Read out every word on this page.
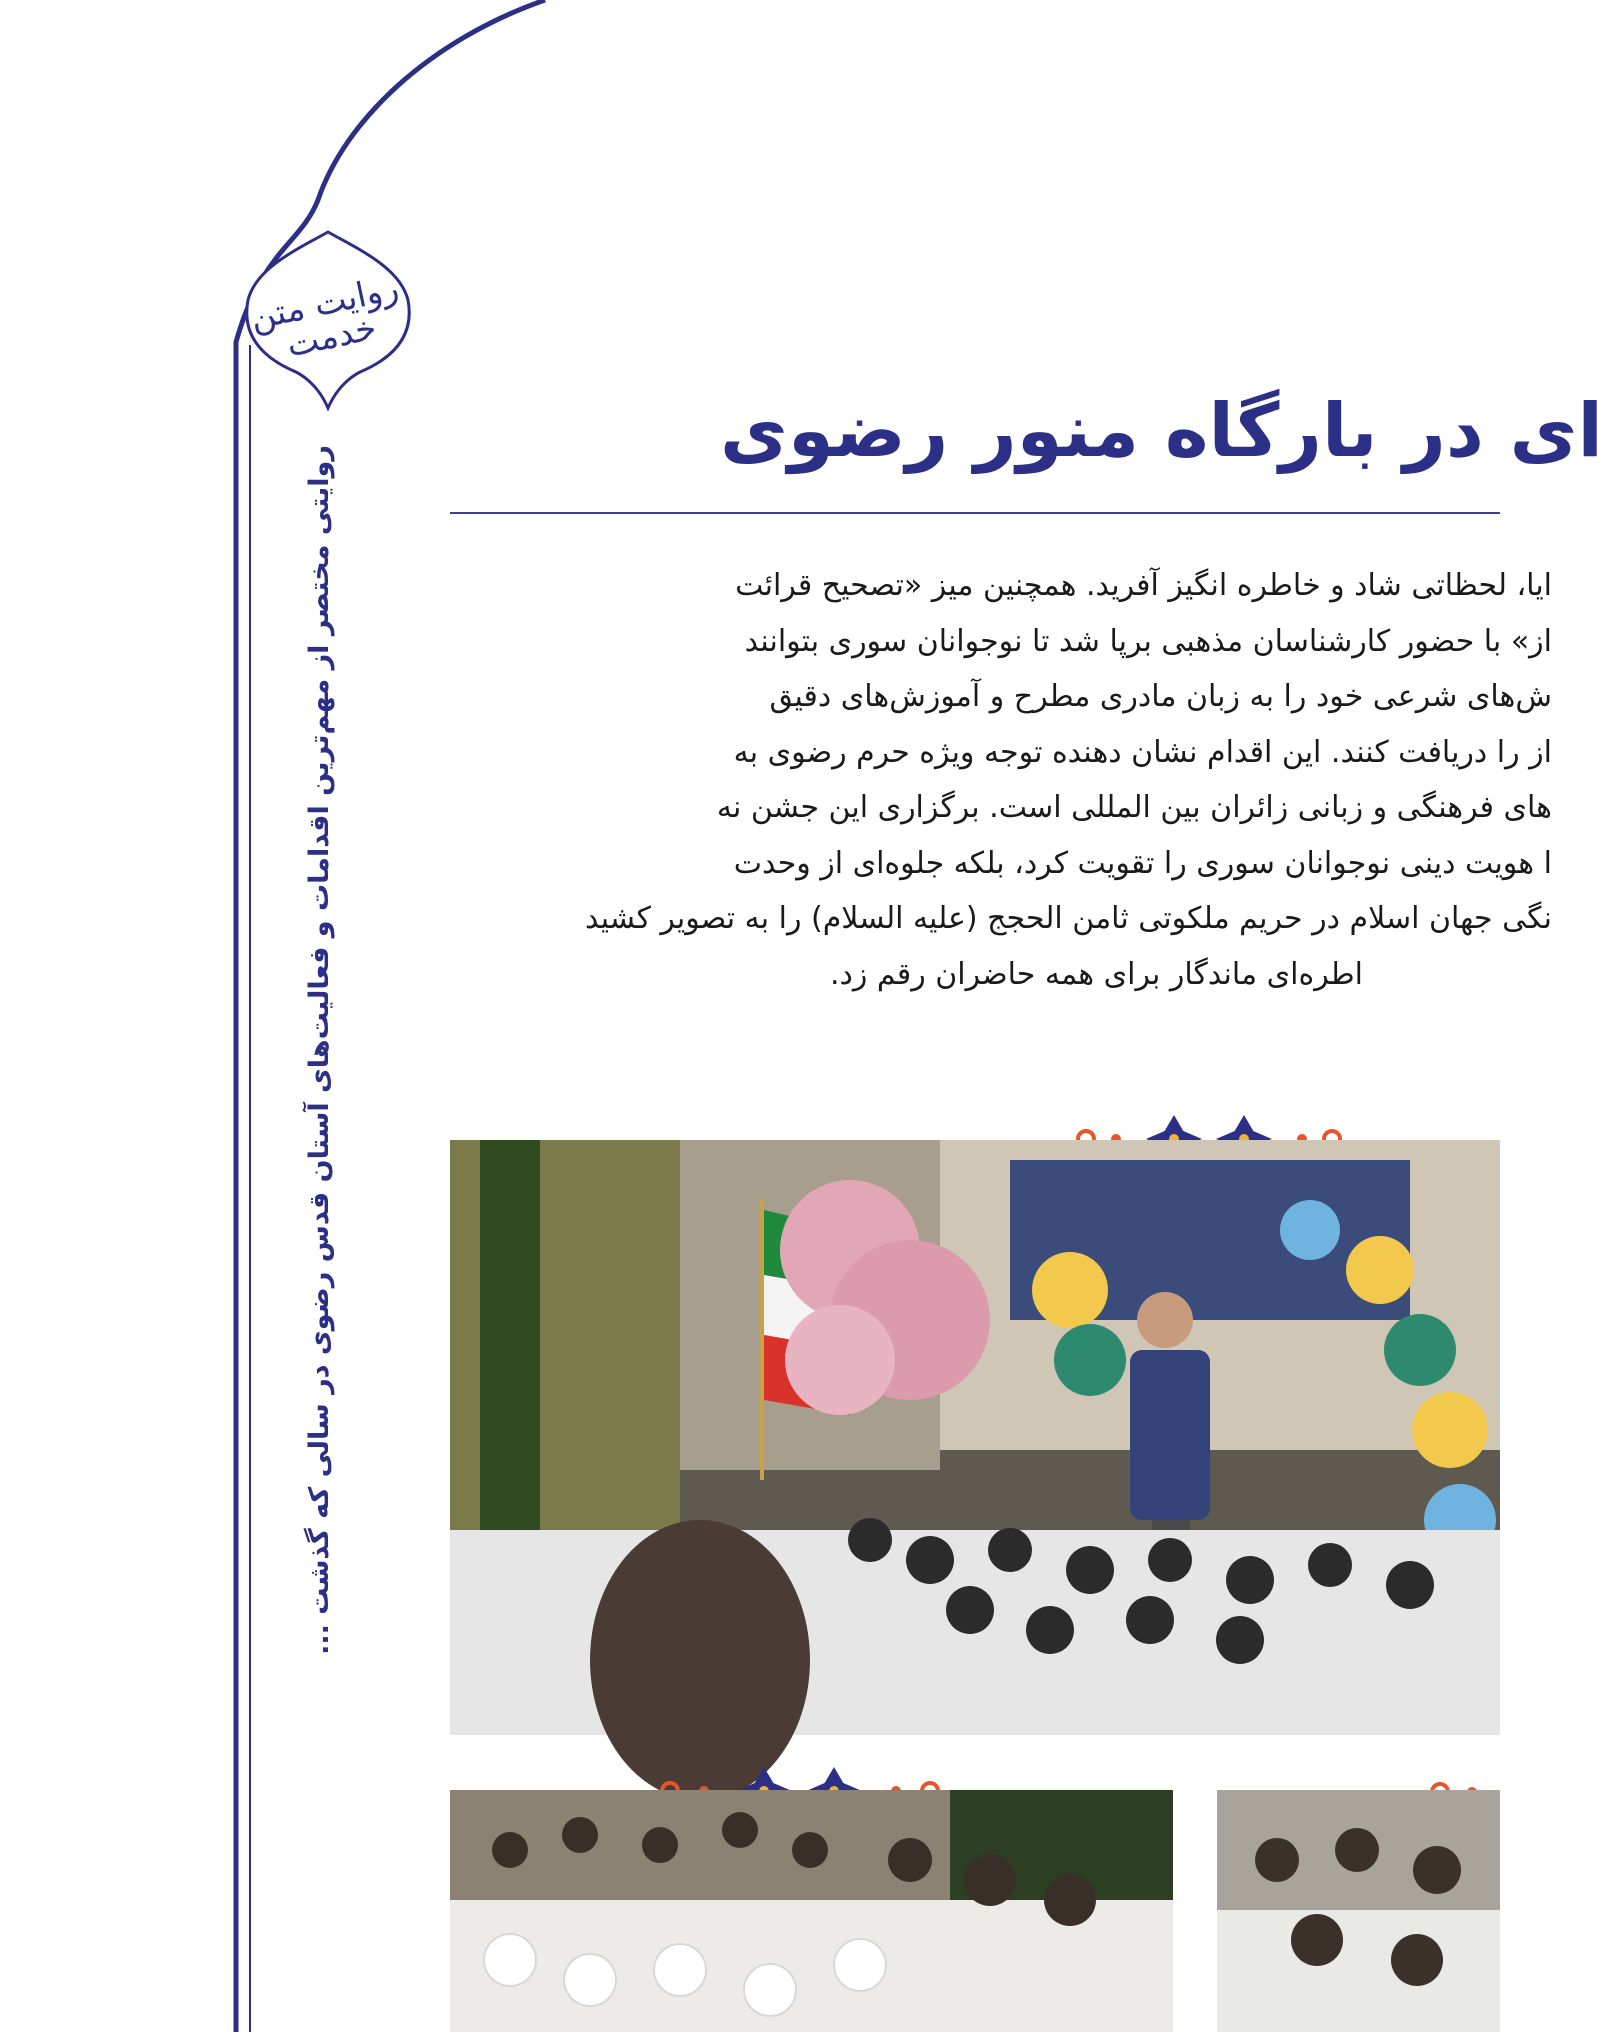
روایت متن خدمت
روایتی مختصر از مهم‌ترین اقدامات و فعالیت‌های آستان قدس رضوی در سالی که گذشت ...
ای در بارگاه منور رضوی
ایا، لحظاتی شاد و خاطره انگیز آفرید. همچنین میز «تصحیح قرائت
از» با حضور کارشناسان مذهبی برپا شد تا نوجوانان سوری بتوانند
ش‌های شرعی خود را به زبان مادری مطرح و آموزش‌های دقیق
از را دریافت کنند. این اقدام نشان دهنده توجه ویژه حرم رضوی به
های فرهنگی و زبانی زائران بین المللی است. برگزاری این جشن نه
ا هویت دینی نوجوانان سوری را تقویت کرد، بلکه جلوه‌ای از وحدت
نگی جهان اسلام در حریم ملکوتی ثامن الحجج (علیه السلام) را به تصویر کشید
اطره‌ای ماندگار برای همه حاضران رقم زد.
